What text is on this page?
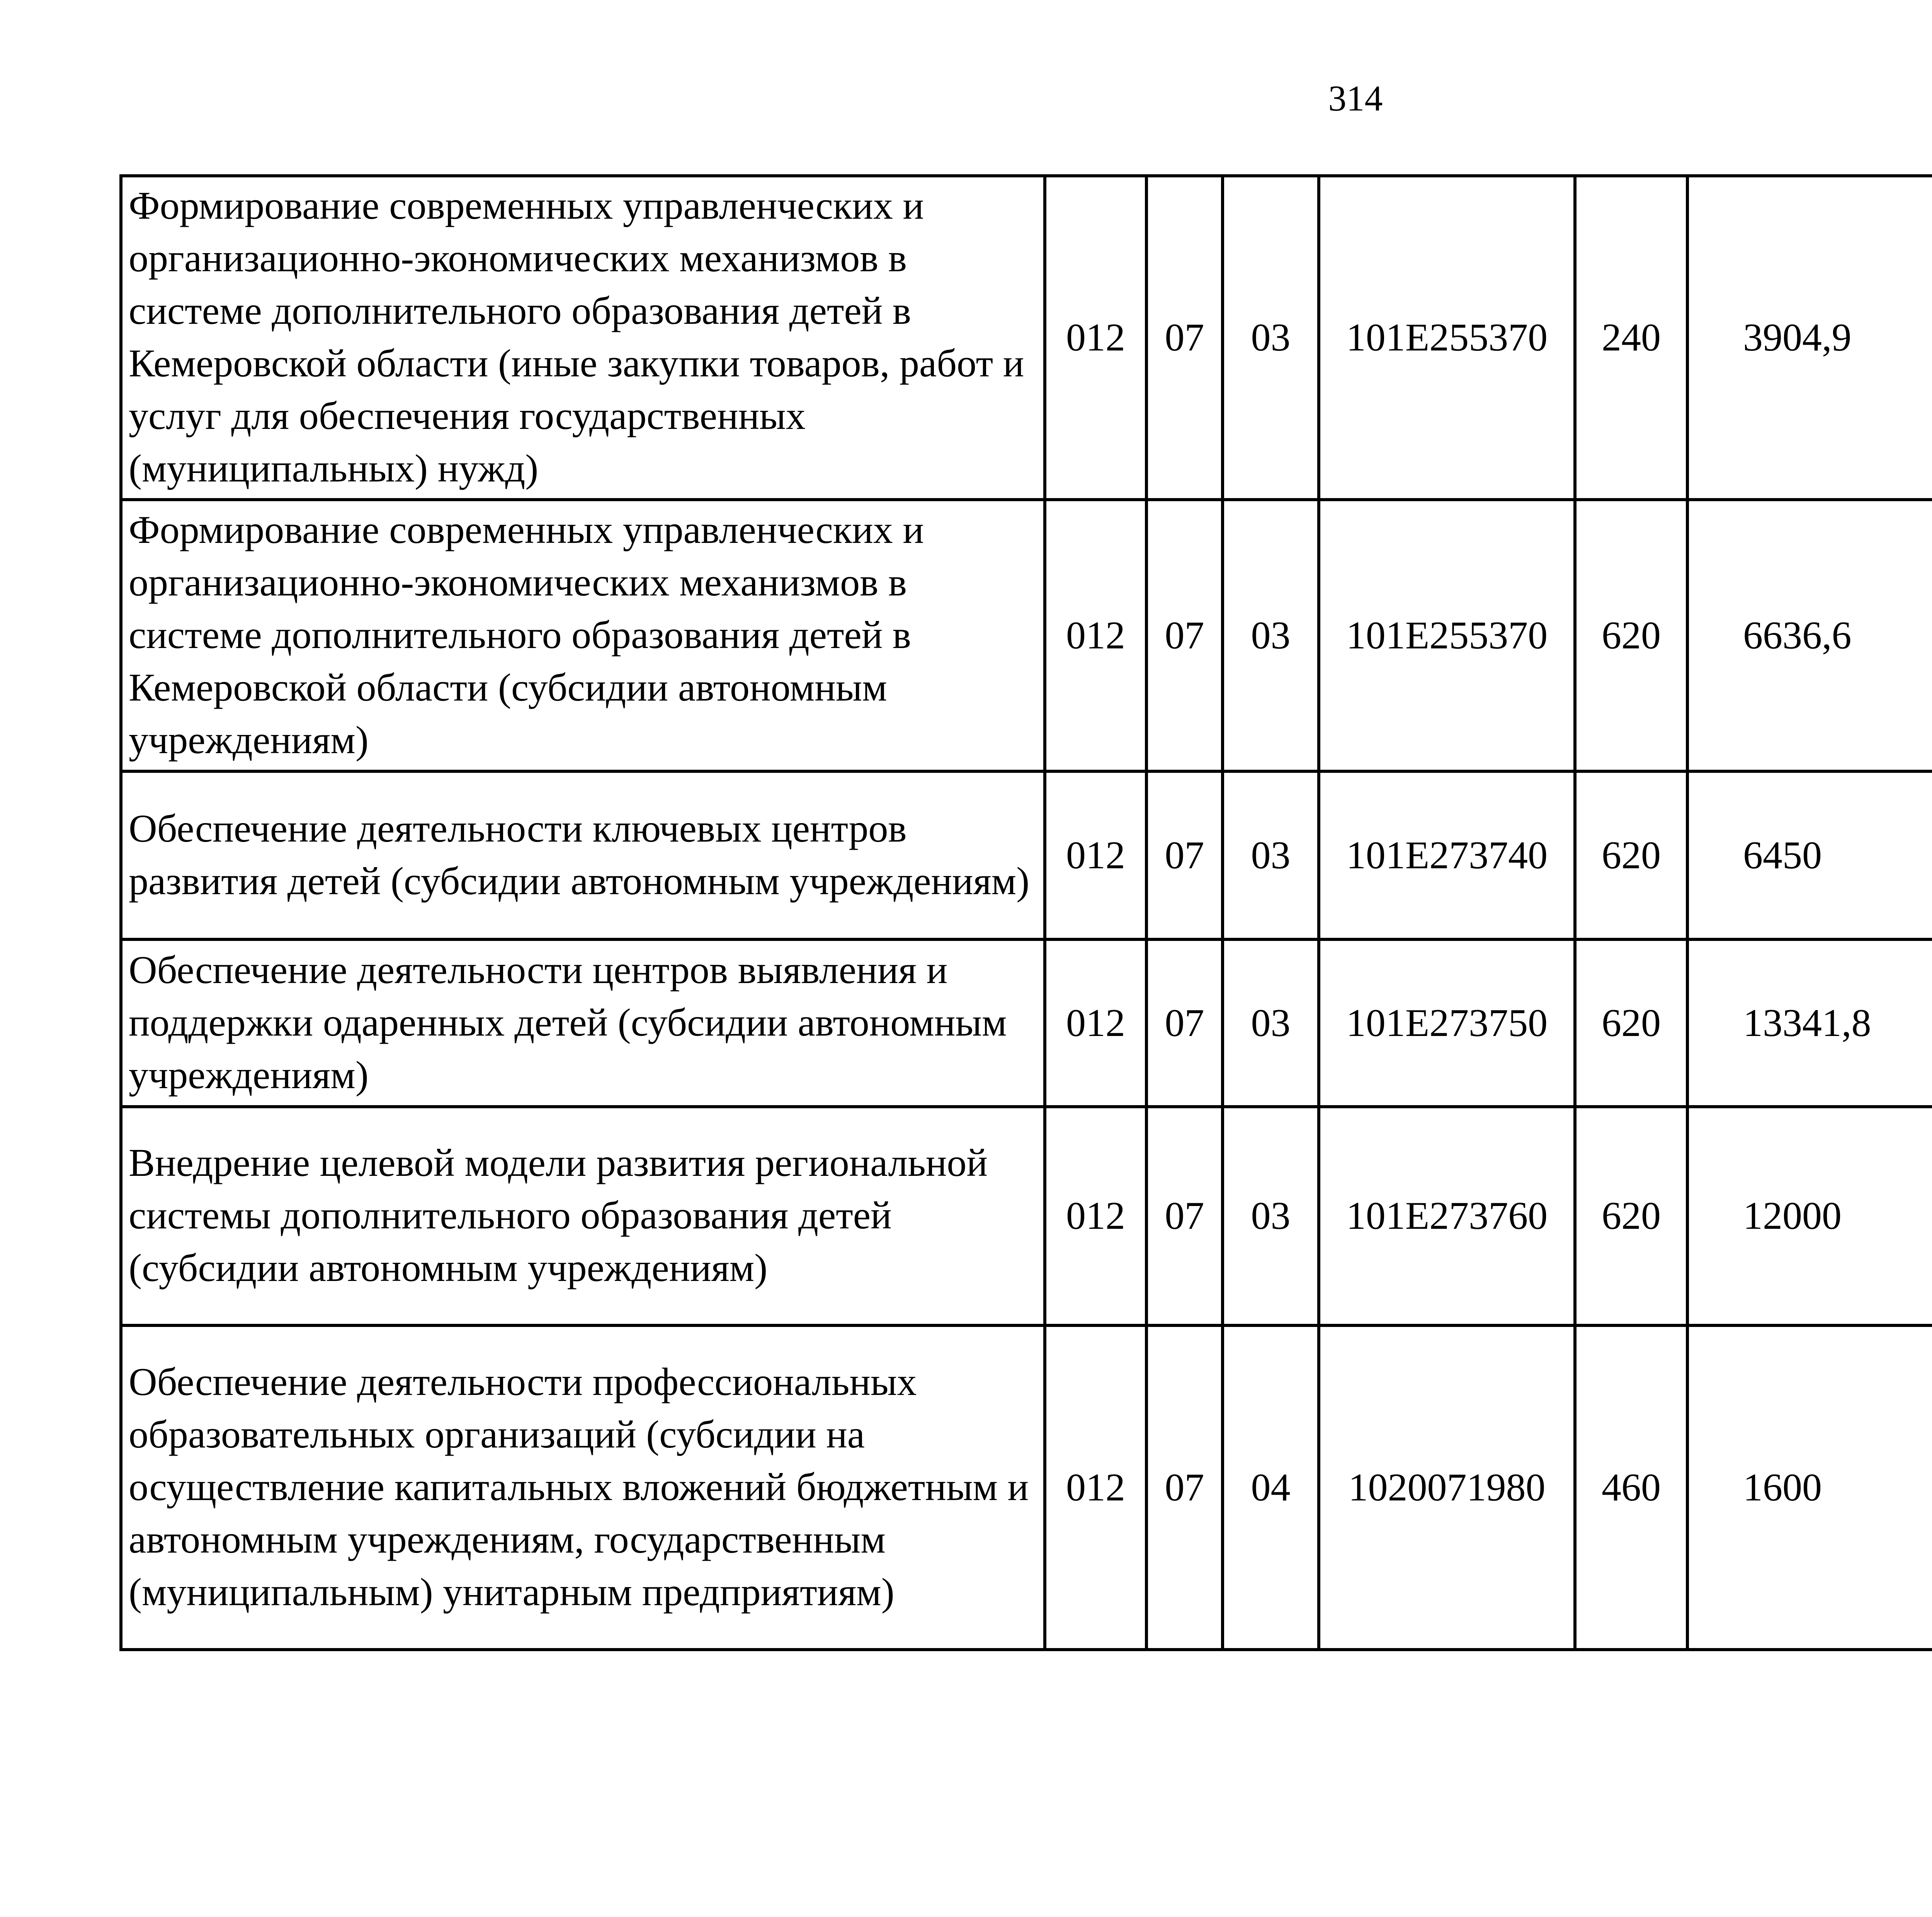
314
Формирование современных управленческих и организационно-экономических механизмов в системе дополнительного образования детей в Кемеровской области (иные закупки товаров, работ и услуг для обеспечения государственных (муниципальных) нужд)	012	07	03	101E255370	240	3904,9		
Формирование современных управленческих и организационно-экономических механизмов в системе дополнительного образования детей в Кемеровской области (субсидии автономным учреждениям)	012	07	03	101E255370	620	6636,6		
Обеспечение деятельности ключевых центров развития детей (субсидии автономным учреждениям)	012	07	03	101E273740	620	6450		
Обеспечение деятельности центров выявления и поддержки одаренных детей (субсидии автономным учреждениям)	012	07	03	101E273750	620	13341,8		
Внедрение целевой модели развития региональной системы дополнительного образования детей (субсидии автономным учреждениям)	012	07	03	101E273760	620	12000		
Обеспечение деятельности профессиональных образовательных организаций (субсидии на осуществление капитальных вложений бюджетным и автономным учреждениям, государственным (муниципальным) унитарным предприятиям)	012	07	04	1020071980	460	1600		
